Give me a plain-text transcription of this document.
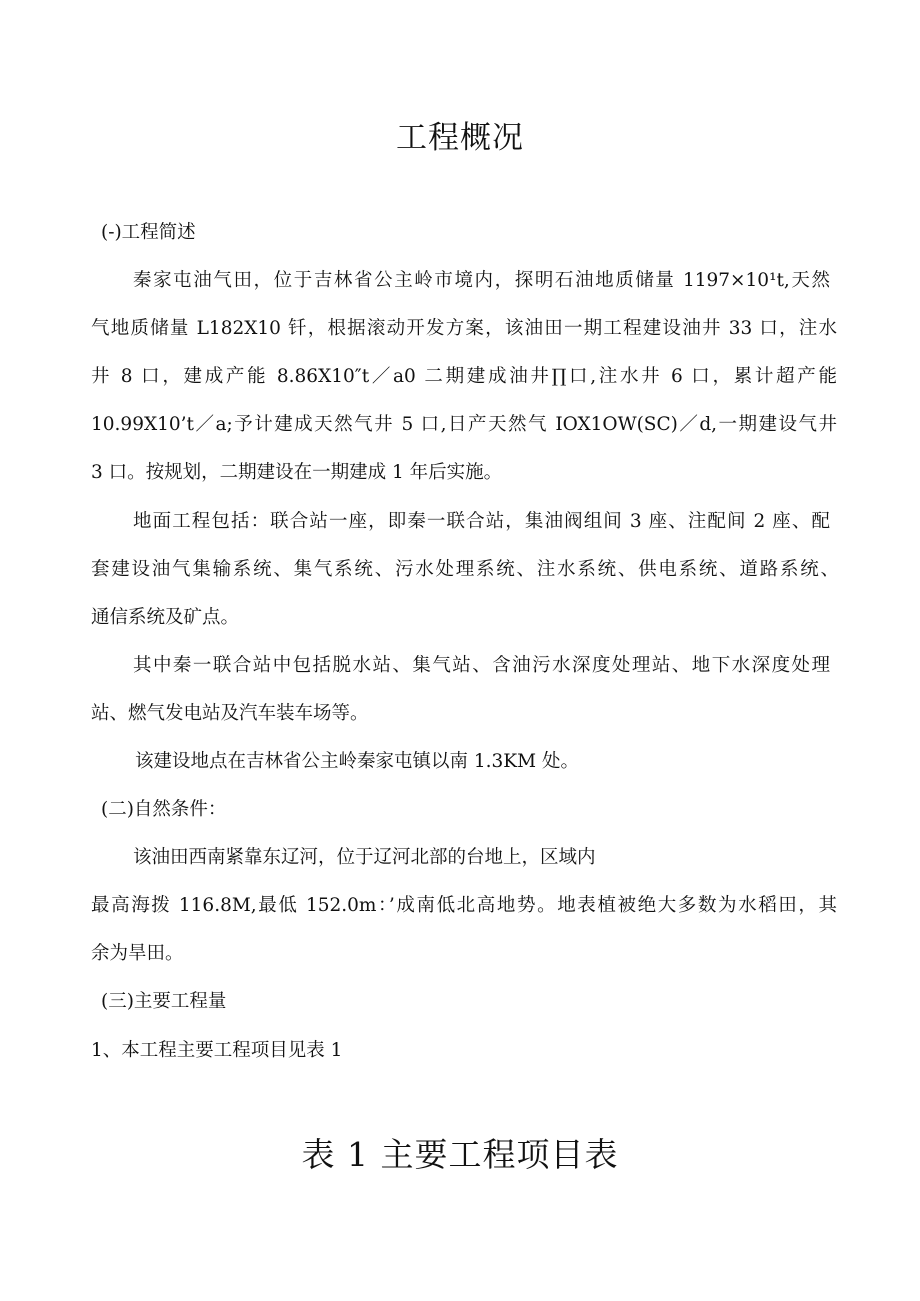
工程概况
(-)工程简述
秦家屯油气田，位于吉林省公主岭市境内，探明石油地质储量 1197×10¹t,天然
气地质储量 L182X10 钎，根据滚动开发方案，该油田一期工程建设油井 33 口，注水
井 8 口，建成产能 8.86X10″t／a0 二期建成油井∏口,注水井 6 口，累计超产能
10.99X10’t／a;予计建成天然气井 5 口,日产天然气 IOX1OW(SC)／d,一期建设气井
3 口。按规划，二期建设在一期建成 1 年后实施。
地面工程包括：联合站一座，即秦一联合站，集油阀组间 3 座、注配间 2 座、配
套建设油气集输系统、集气系统、污水处理系统、注水系统、供电系统、道路系统、
通信系统及矿点。
其中秦一联合站中包括脱水站、集气站、含油污水深度处理站、地下水深度处理
站、燃气发电站及汽车装车场等。
该建设地点在吉林省公主岭秦家屯镇以南 1.3KM 处。
(二)自然条件：
该油田西南紧靠东辽河，位于辽河北部的台地上，区域内
最高海拨 116.8M,最低 152.0m：’成南低北高地势。地表植被绝大多数为水稻田，其
余为旱田。
(三)主要工程量
1、本工程主要工程项目见表 1
表 1 主要工程项目表
